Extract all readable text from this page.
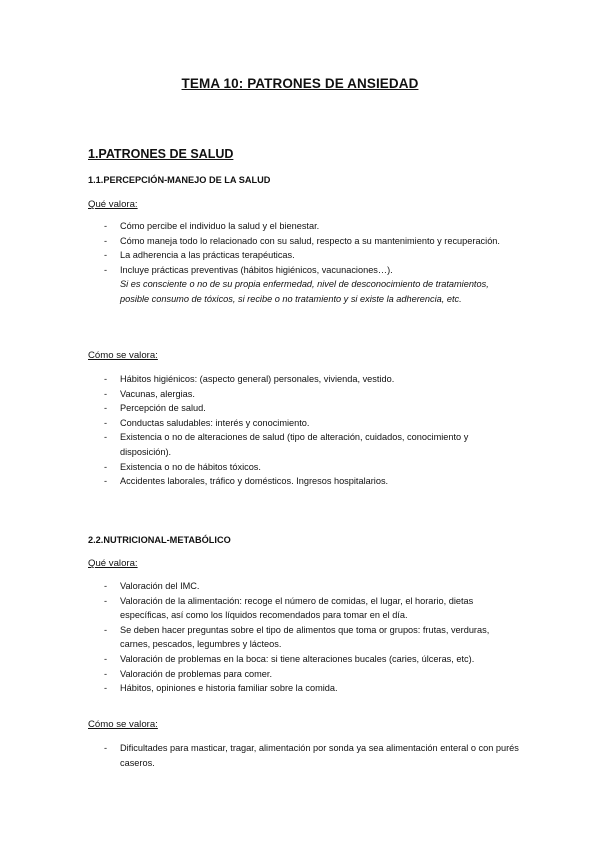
TEMA 10: PATRONES DE ANSIEDAD
1.PATRONES DE SALUD
1.1.PERCEPCIÓN-MANEJO DE LA SALUD
Qué valora:
- Cómo percibe el individuo la salud y el bienestar.
- Cómo maneja todo lo relacionado con su salud, respecto a su mantenimiento y recuperación.
- La adherencia a las prácticas terapéuticas.
- Incluye prácticas preventivas (hábitos higiénicos, vacunaciones…).
Si es consciente o no de su propia enfermedad, nivel de desconocimiento de tratamientos, posible consumo de tóxicos, si recibe o no tratamiento y si existe la adherencia, etc.
Cómo se valora:
- Hábitos higiénicos: (aspecto general) personales, vivienda, vestido.
- Vacunas, alergias.
- Percepción de salud.
- Conductas saludables: interés y conocimiento.
- Existencia o no de alteraciones de salud (tipo de alteración, cuidados, conocimiento y disposición).
- Existencia o no de hábitos tóxicos.
- Accidentes laborales, tráfico y domésticos. Ingresos hospitalarios.
2.2.NUTRICIONAL-METABÓLICO
Qué valora:
- Valoración del IMC.
- Valoración de la alimentación: recoge el número de comidas, el lugar, el horario, dietas específicas, así como los líquidos recomendados para tomar en el día.
- Se deben hacer preguntas sobre el tipo de alimentos que toma or grupos: frutas, verduras, carnes, pescados, legumbres y lácteos.
- Valoración de problemas en la boca: si tiene alteraciones bucales (caries, úlceras, etc).
- Valoración de problemas para comer.
- Hábitos, opiniones e historia familiar sobre la comida.
Cómo se valora:
- Dificultades para masticar, tragar, alimentación por sonda ya sea alimentación enteral o con purés caseros.
